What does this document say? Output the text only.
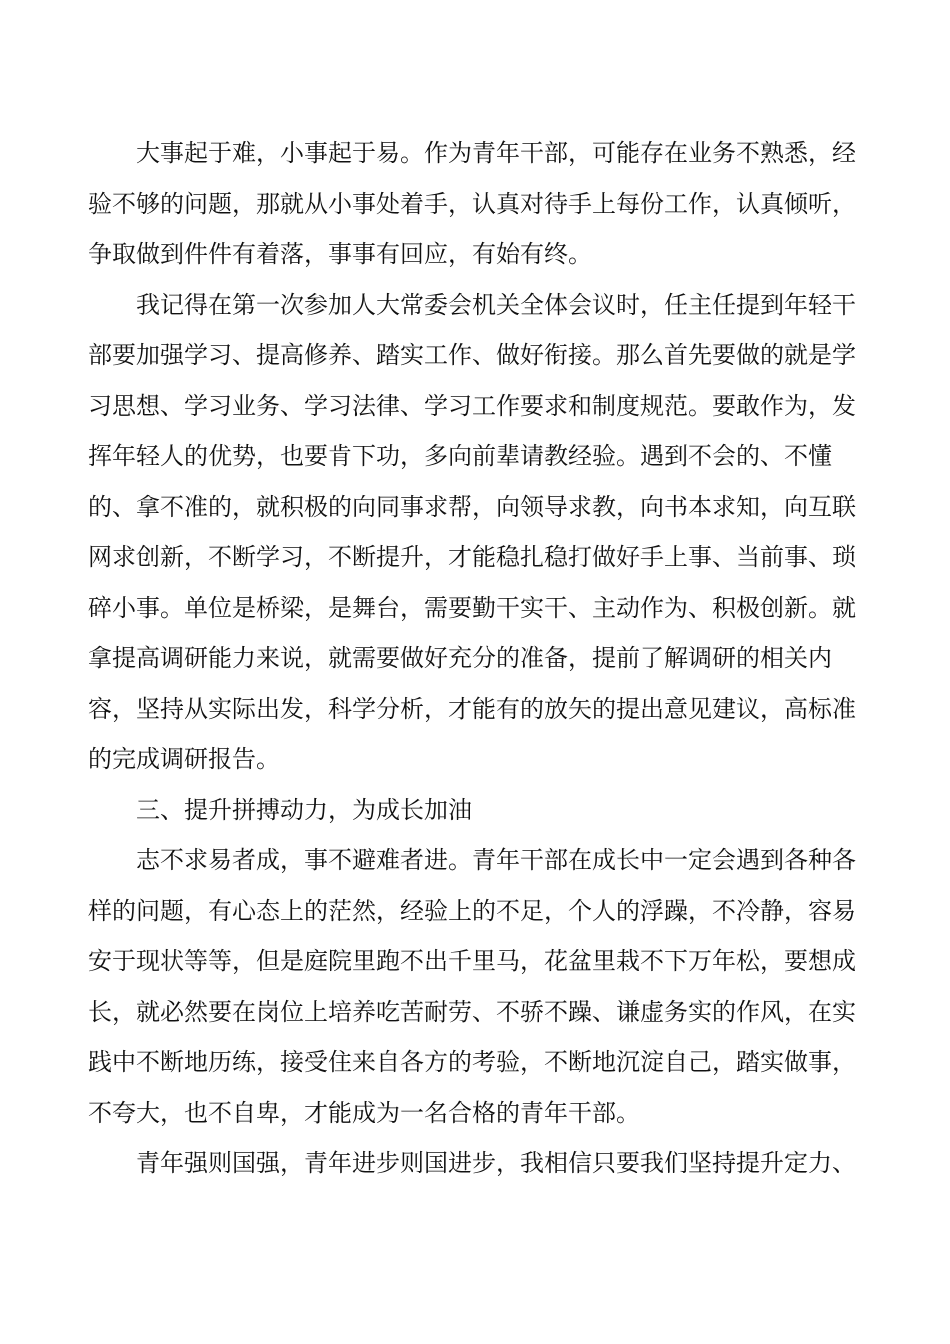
大事起于难，小事起于易。作为青年干部，可能存在业务不熟悉，经
验不够的问题，那就从小事处着手，认真对待手上每份工作，认真倾听，
争取做到件件有着落，事事有回应，有始有终。

我记得在第一次参加人大常委会机关全体会议时，任主任提到年轻干
部要加强学习、提高修养、踏实工作、做好衔接。那么首先要做的就是学
习思想、学习业务、学习法律、学习工作要求和制度规范。要敢作为，发
挥年轻人的优势，也要肯下功，多向前辈请教经验。遇到不会的、不懂
的、拿不准的，就积极的向同事求帮，向领导求教，向书本求知，向互联
网求创新，不断学习，不断提升，才能稳扎稳打做好手上事、当前事、琐
碎小事。单位是桥梁，是舞台，需要勤干实干、主动作为、积极创新。就
拿提高调研能力来说，就需要做好充分的准备，提前了解调研的相关内
容，坚持从实际出发，科学分析，才能有的放矢的提出意见建议，高标准
的完成调研报告。

三、提升拼搏动力，为成长加油

志不求易者成，事不避难者进。青年干部在成长中一定会遇到各种各
样的问题，有心态上的茫然，经验上的不足，个人的浮躁，不冷静，容易
安于现状等等，但是庭院里跑不出千里马，花盆里栽不下万年松，要想成
长，就必然要在岗位上培养吃苦耐劳、不骄不躁、谦虚务实的作风，在实
践中不断地历练，接受住来自各方的考验，不断地沉淀自己，踏实做事，
不夸大，也不自卑，才能成为一名合格的青年干部。

青年强则国强，青年进步则国进步，我相信只要我们坚持提升定力、
